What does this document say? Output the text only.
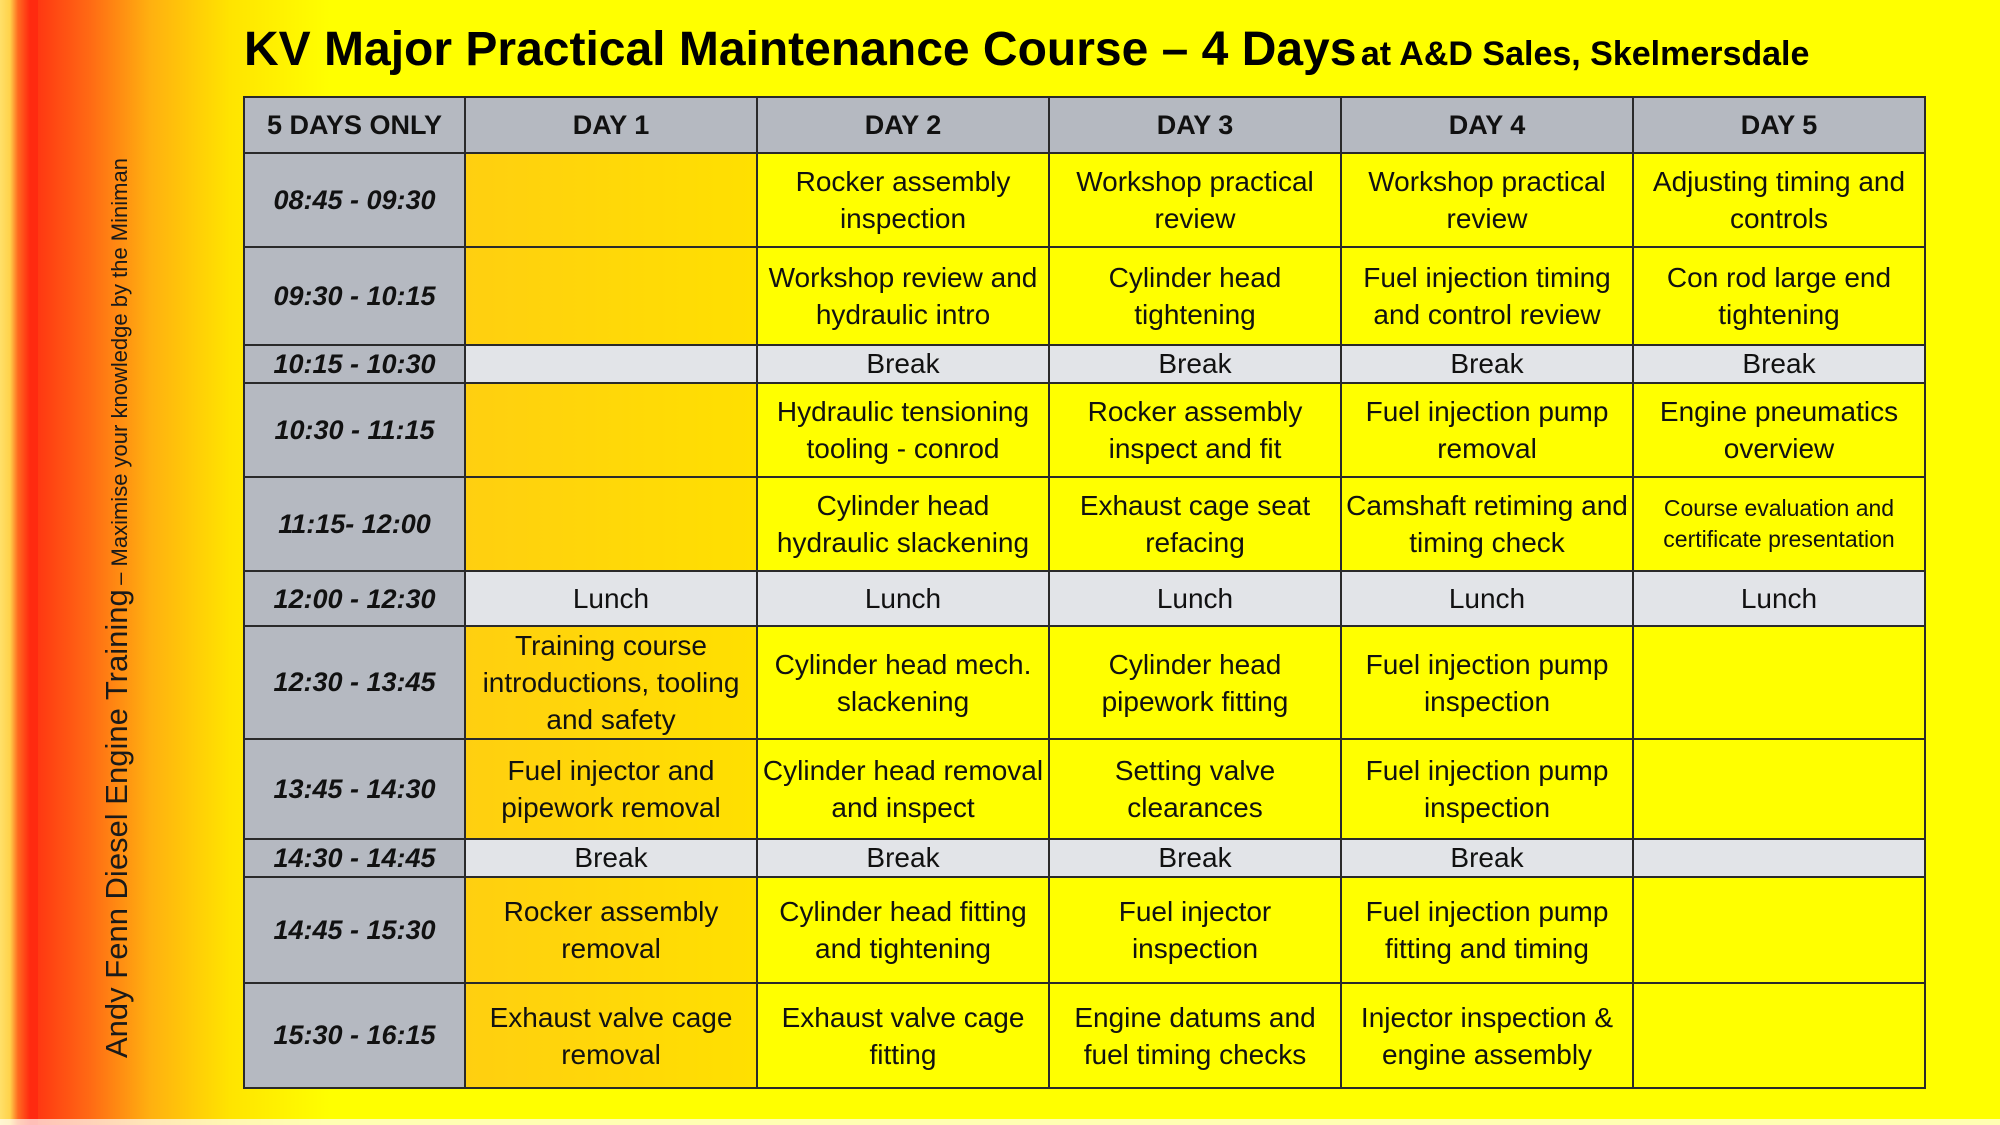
Andy Fenn Diesel Engine Training – Maximise your knowledge by the Miniman
KV Major Practical Maintenance Course – 4 Days at A&D Sales, Skelmersdale
5 DAYS ONLY	DAY 1	DAY 2	DAY 3	DAY 4	DAY 5
08:45 - 09:30		Rocker assembly inspection	Workshop practical review	Workshop practical review	Adjusting timing and controls
09:30 - 10:15		Workshop review and hydraulic intro	Cylinder head tightening	Fuel injection timing and control review	Con rod large end tightening
10:15 - 10:30		Break	Break	Break	Break
10:30 - 11:15		Hydraulic tensioning tooling - conrod	Rocker assembly inspect and fit	Fuel injection pump removal	Engine pneumatics overview
11:15- 12:00		Cylinder head hydraulic slackening	Exhaust cage seat refacing	Camshaft retiming and timing check	Course evaluation and certificate presentation
12:00 - 12:30	Lunch	Lunch	Lunch	Lunch	Lunch
12:30 - 13:45	Training course introductions, tooling and safety	Cylinder head mech. slackening	Cylinder head pipework fitting	Fuel injection pump inspection	
13:45 - 14:30	Fuel injector and pipework removal	Cylinder head removal and inspect	Setting valve clearances	Fuel injection pump inspection	
14:30 - 14:45	Break	Break	Break	Break	
14:45 - 15:30	Rocker assembly removal	Cylinder head fitting and tightening	Fuel injector inspection	Fuel injection pump fitting and timing	
15:30 - 16:15	Exhaust valve cage removal	Exhaust valve cage fitting	Engine datums and fuel timing checks	Injector inspection & engine assembly	
